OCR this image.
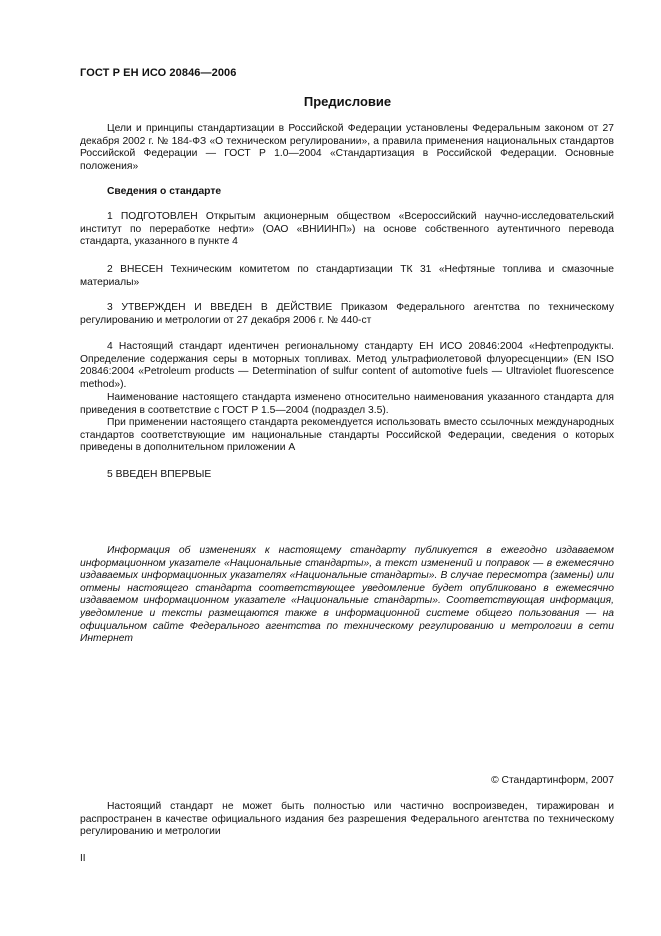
ГОСТ Р ЕН ИСО 20846—2006
Предисловие

Цели и принципы стандартизации в Российской Федерации установлены Федеральным законом от 27 декабря 2002 г. № 184-ФЗ «О техническом регулировании», а правила применения национальных стандартов Российской Федерации — ГОСТ Р 1.0—2004 «Стандартизация в Российской Федерации. Основные положения»

Сведения о стандарте

1 ПОДГОТОВЛЕН Открытым акционерным обществом «Всероссийский научно-исследовательский институт по переработке нефти» (ОАО «ВНИИНП») на основе собственного аутентичного перевода стандарта, указанного в пункте 4

2 ВНЕСЕН Техническим комитетом по стандартизации ТК 31 «Нефтяные топлива и смазочные материалы»

3 УТВЕРЖДЕН И ВВЕДЕН В ДЕЙСТВИЕ Приказом Федерального агентства по техническому регулированию и метрологии от 27 декабря 2006 г. № 440-ст

4 Настоящий стандарт идентичен региональному стандарту ЕН ИСО 20846:2004 «Нефтепродукты. Определение содержания серы в моторных топливах. Метод ультрафиолетовой флуоресценции» (EN ISO 20846:2004 «Petroleum products — Determination of sulfur content of automotive fuels — Ultraviolet fluorescence method»).

Наименование настоящего стандарта изменено относительно наименования указанного стандарта для приведения в соответствие с ГОСТ Р 1.5—2004 (подраздел 3.5).

При применении настоящего стандарта рекомендуется использовать вместо ссылочных международных стандартов соответствующие им национальные стандарты Российской Федерации, сведения о которых приведены в дополнительном приложении А

5 ВВЕДЕН ВПЕРВЫЕ

Информация об изменениях к настоящему стандарту публикуется в ежегодно издаваемом информационном указателе «Национальные стандарты», а текст изменений и поправок — в ежемесячно издаваемых информационных указателях «Национальные стандарты». В случае пересмотра (замены) или отмены настоящего стандарта соответствующее уведомление будет опубликовано в ежемесячно издаваемом информационном указателе «Национальные стандарты». Соответствующая информация, уведомление и тексты размещаются также в информационной системе общего пользования — на официальном сайте Федерального агентства по техническому регулированию и метрологии в сети Интернет

© Стандартинформ, 2007

Настоящий стандарт не может быть полностью или частично воспроизведен, тиражирован и распространен в качестве официального издания без разрешения Федерального агентства по техническому регулированию и метрологии

II
